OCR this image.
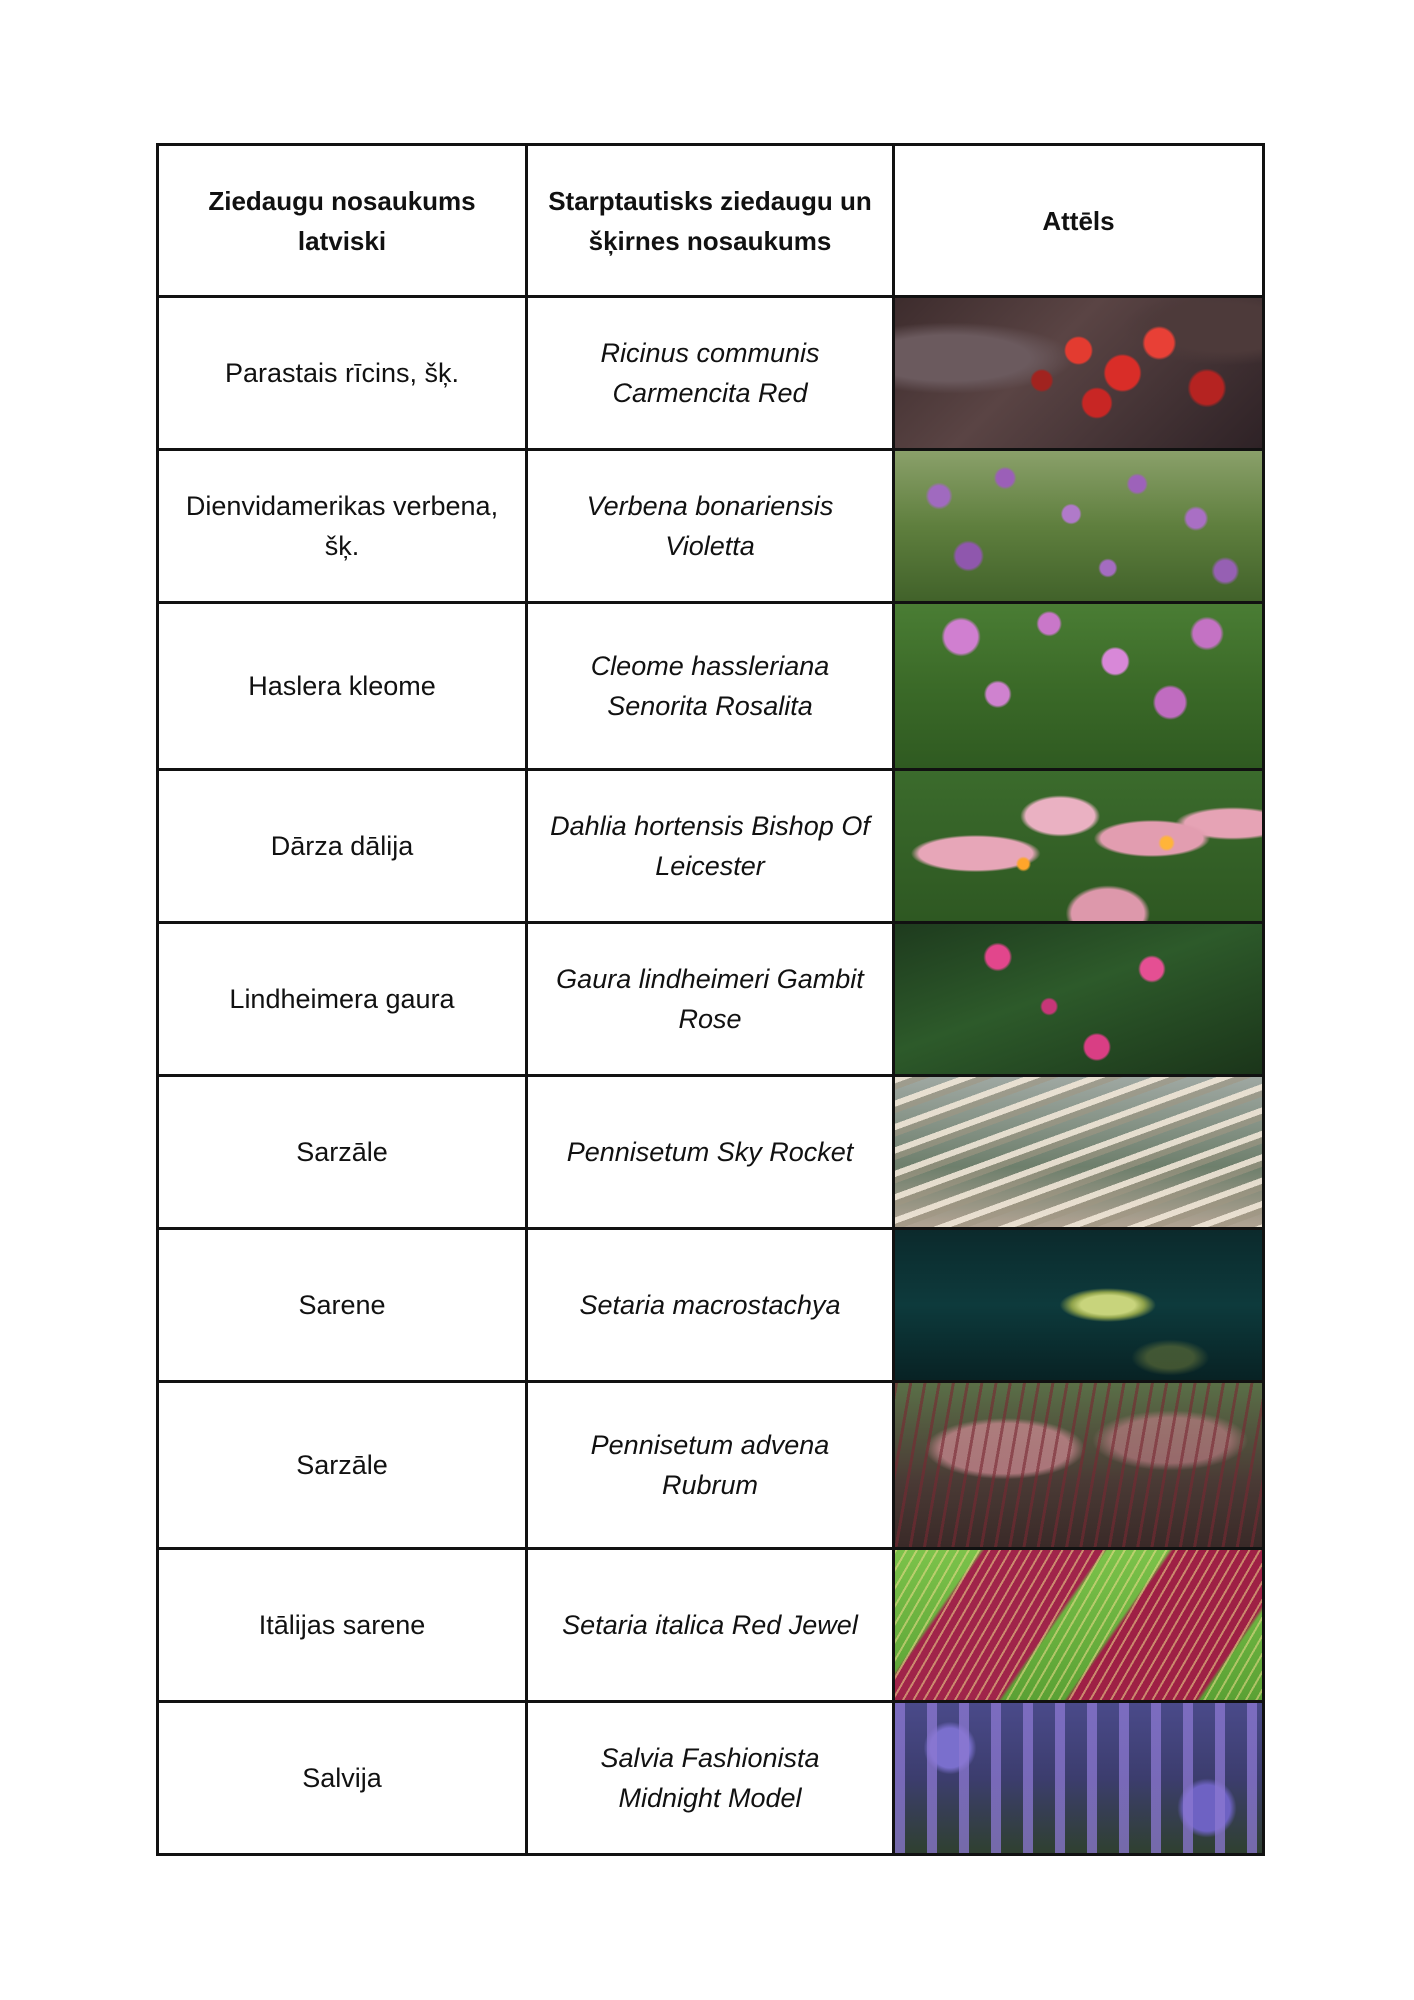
Ziedaugu nosaukums latviski	Starptautisks ziedaugu un šķirnes nosaukums	Attēls
Parastais rīcins, šķ.	Ricinus communis Carmencita Red	

Dienvidamerikas verbena, šķ.	Verbena bonariensis Violetta	

Haslera kleome	Cleome hassleriana Senorita Rosalita	

Dārza dālija	Dahlia hortensis Bishop Of Leicester	

Lindheimera gaura	Gaura lindheimeri Gambit Rose	

Sarzāle	Pennisetum Sky Rocket	

Sarene	Setaria macrostachya	

Sarzāle	Pennisetum advena Rubrum	

Itālijas sarene	Setaria italica Red Jewel	

Salvija	Salvia Fashionista Midnight Model	
